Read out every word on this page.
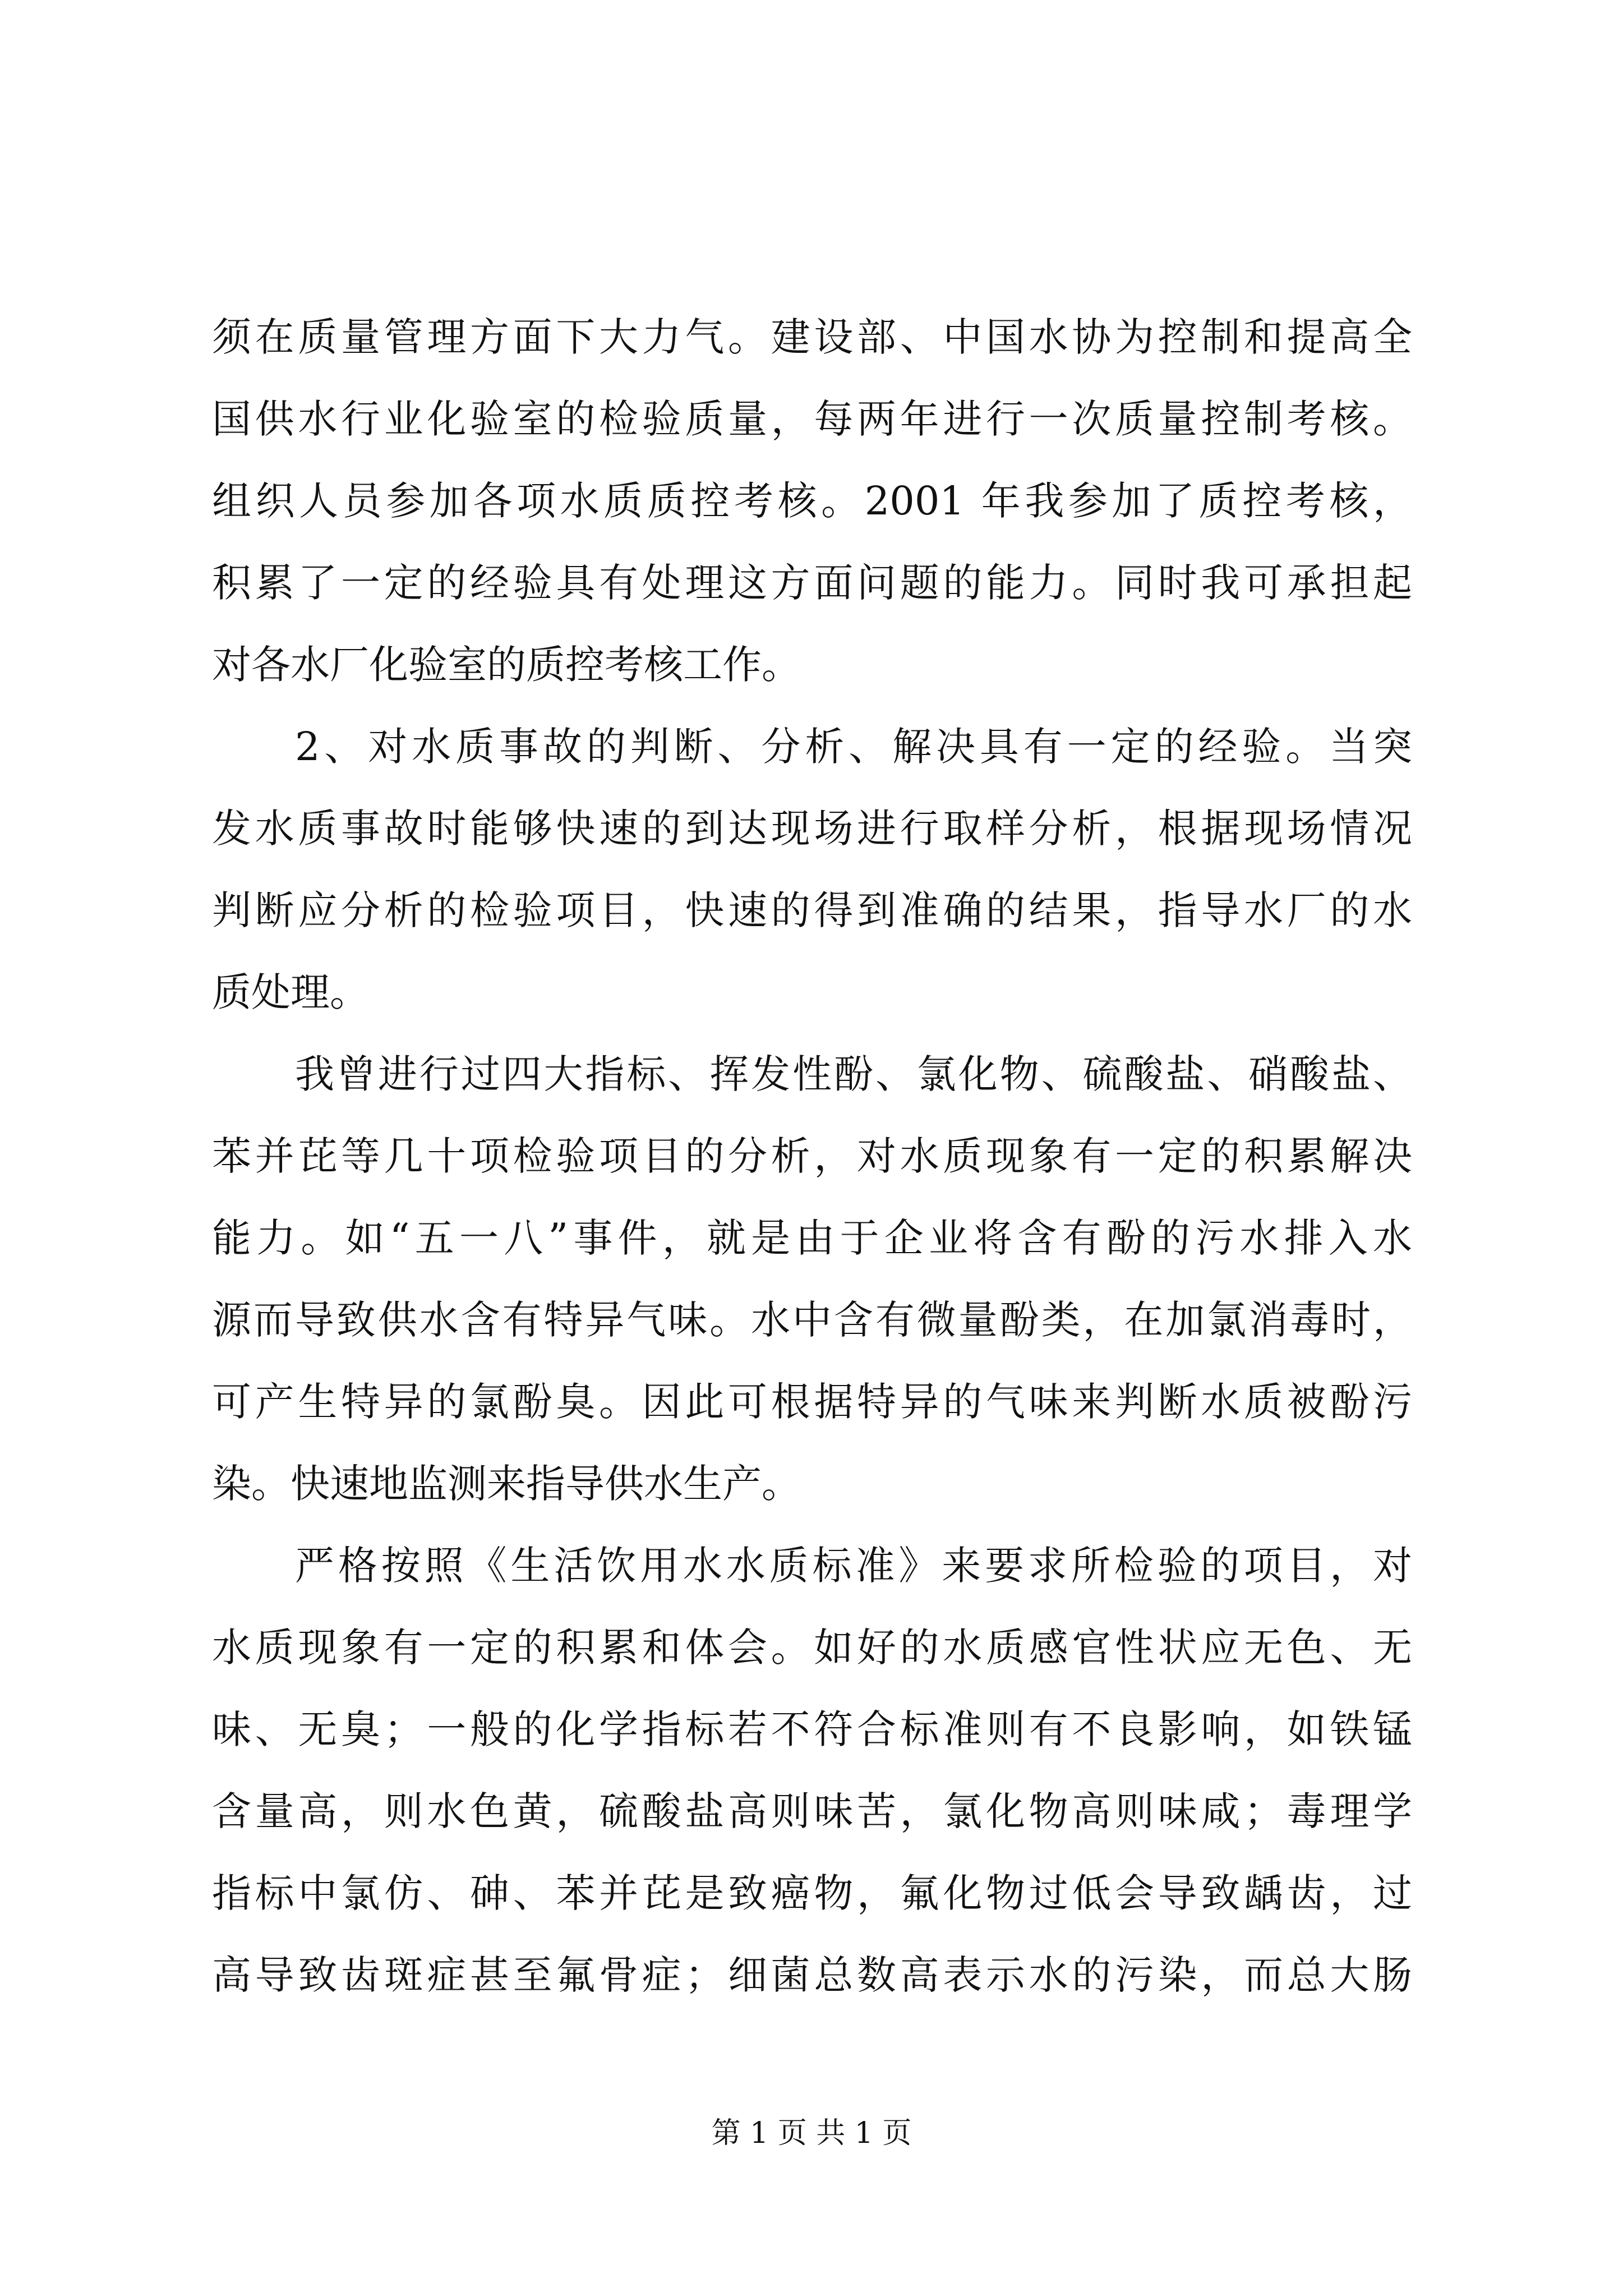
须在质量管理方面下大力气。建设部、中国水协为控制和提高全
国供水行业化验室的检验质量，每两年进行一次质量控制考核。
组织人员参加各项水质质控考核。2001 年我参加了质控考核，
积累了一定的经验具有处理这方面问题的能力。同时我可承担起
对各水厂化验室的质控考核工作。
2、对水质事故的判断、分析、解决具有一定的经验。当突
发水质事故时能够快速的到达现场进行取样分析，根据现场情况
判断应分析的检验项目，快速的得到准确的结果，指导水厂的水
质处理。
我曾进行过四大指标、挥发性酚、氯化物、硫酸盐、硝酸盐、
苯并芘等几十项检验项目的分析，对水质现象有一定的积累解决
能力。如“五一八”事件，就是由于企业将含有酚的污水排入水
源而导致供水含有特异气味。水中含有微量酚类，在加氯消毒时，
可产生特异的氯酚臭。因此可根据特异的气味来判断水质被酚污
染。快速地监测来指导供水生产。
严格按照《生活饮用水水质标准》来要求所检验的项目，对
水质现象有一定的积累和体会。如好的水质感官性状应无色、无
味、无臭；一般的化学指标若不符合标准则有不良影响，如铁锰
含量高，则水色黄，硫酸盐高则味苦，氯化物高则味咸；毒理学
指标中氯仿、砷、苯并芘是致癌物，氟化物过低会导致龋齿，过
高导致齿斑症甚至氟骨症；细菌总数高表示水的污染，而总大肠
第 1 页 共 1 页
